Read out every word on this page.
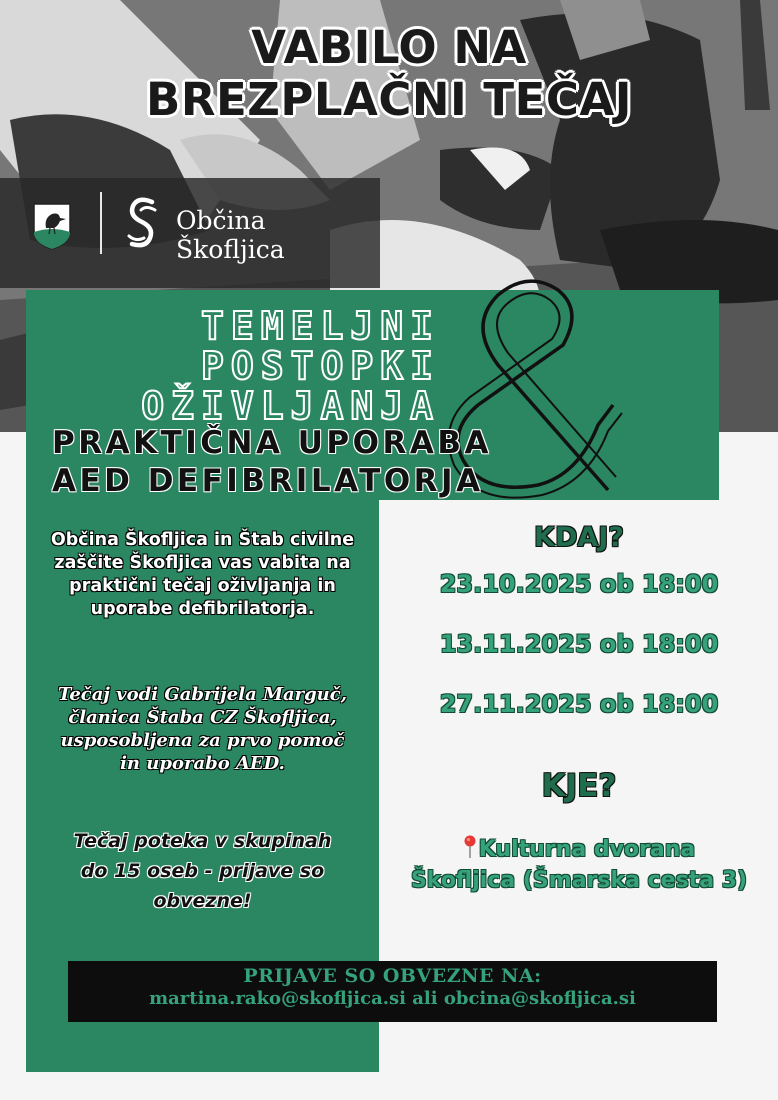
VABILO NA
BREZPLAČNI TEČAJ
Občina Škofljica
TEMELJNI
POSTOPKI
OŽIVLJANJA
PRAKTIČNA UPORABA
AED DEFIBRILATORJA
Občina Škofljica in Štab civilne
zaščite Škofljica vas vabita na
praktični tečaj oživljanja in
uporabe defibrilatorja.
Tečaj vodi Gabrijela Marguč,
članica Štaba CZ Škofljica,
usposobljena za prvo pomoč
in uporabo AED.
Tečaj poteka v skupinah
do 15 oseb - prijave so
obvezne!
KDAJ?
23.10.2025 ob 18:00
13.11.2025 ob 18:00
27.11.2025 ob 18:00
KJE?
Kulturna dvorana
Škofljica (Šmarska cesta 3)
PRIJAVE SO OBVEZNE NA:
martina.rako@skofljica.si ali obcina@skofljica.si
